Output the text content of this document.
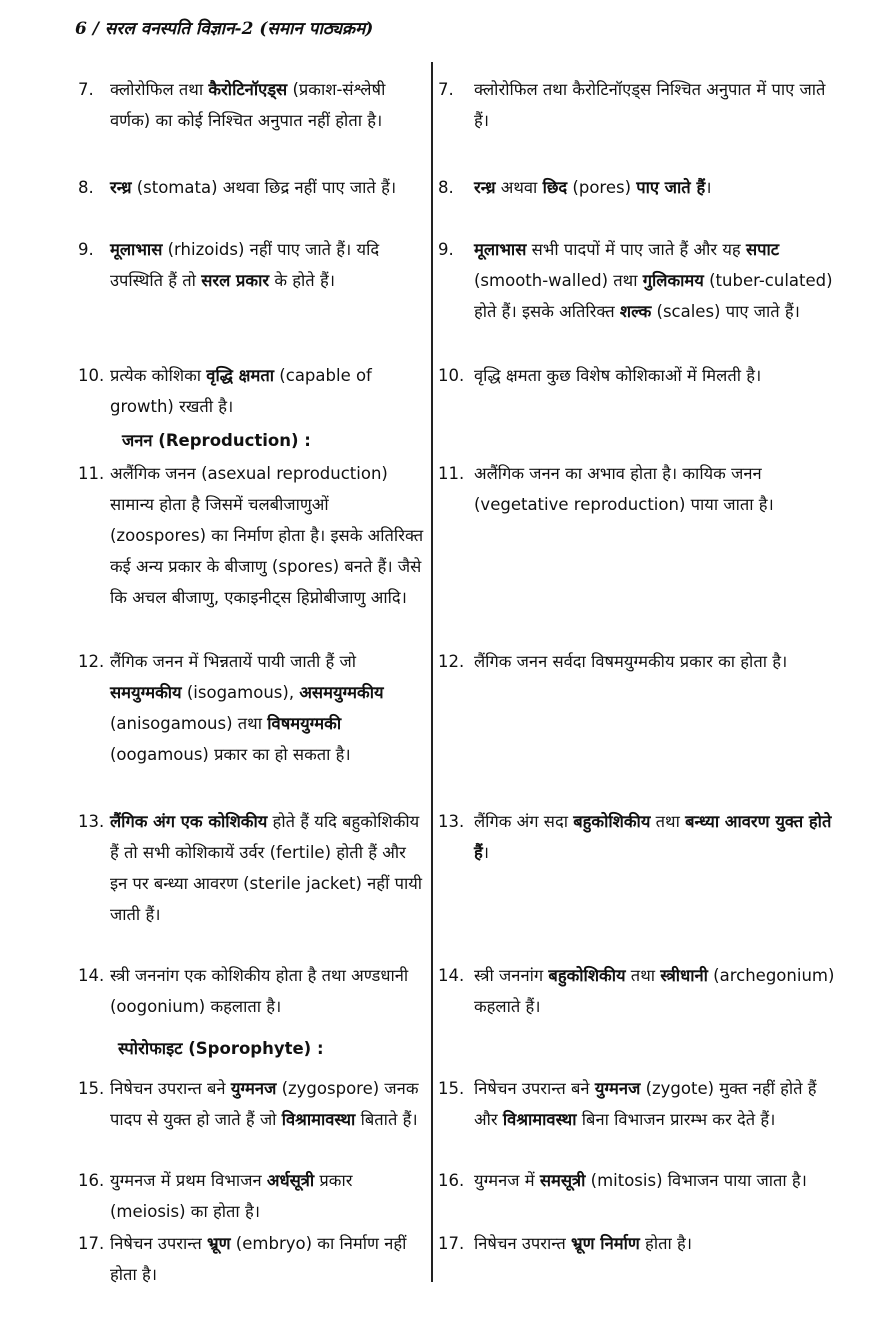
6 / सरल वनस्पति विज्ञान-2 (समान पाठ्यक्रम)
जनन (Reproduction) :
स्पोरोफाइट (Sporophyte) :
7. क्लोरोफिल तथा कैरोटिनॉएड्स (प्रकाश-संश्लेषी वर्णक) का कोई निश्चित अनुपात नहीं होता है।
7. क्लोरोफिल तथा कैरोटिनॉएड्स निश्चित अनुपात में पाए जाते हैं।
8. रन्ध्र (stomata) अथवा छिद्र नहीं पाए जाते हैं।	8. रन्ध्र अथवा छिद (pores) पाए जाते हैं।
9. मूलाभास (rhizoids) नहीं पाए जाते हैं। यदि उपस्थिति हैं तो सरल प्रकार के होते हैं।
9. मूलाभास सभी पादपों में पाए जाते हैं और यह सपाट (smooth-walled) तथा गुलिकामय (tuber-culated) होते हैं। इसके अतिरिक्त शल्क (scales) पाए जाते हैं।
10. प्रत्येक कोशिका वृद्धि क्षमता (capable of growth) रखती है।
10. वृद्धि क्षमता कुछ विशेष कोशिकाओं में मिलती है।
11. अलैंगिक जनन (asexual reproduction) सामान्य होता है जिसमें चलबीजाणुओं (zoospores) का निर्माण होता है। इसके अतिरिक्त कई अन्य प्रकार के बीजाणु (spores) बनते हैं। जैसे कि अचल बीजाणु, एकाइनीट्स हिप्नोबीजाणु आदि।
11. अलैंगिक जनन का अभाव होता है। कायिक जनन (vegetative reproduction) पाया जाता है।
12. लैंगिक जनन में भिन्नतायें पायी जाती हैं जो समयुग्मकीय (isogamous), असमयुग्मकीय (anisogamous) तथा विषमयुग्मकी (oogamous) प्रकार का हो सकता है।
12. लैंगिक जनन सर्वदा विषमयुग्मकीय प्रकार का होता है।
13. लैंगिक अंग एक कोशिकीय होते हैं यदि बहुकोशिकीय हैं तो सभी कोशिकायें उर्वर (fertile) होती हैं और इन पर बन्ध्या आवरण (sterile jacket) नहीं पायी जाती हैं।
13. लैंगिक अंग सदा बहुकोशिकीय तथा बन्ध्या आवरण युक्त होते हैं।
14. स्त्री जननांग एक कोशिकीय होता है तथा अण्डधानी (oogonium) कहलाता है।
14. स्त्री जननांग बहुकोशिकीय तथा स्त्रीधानी (archegonium) कहलाते हैं।
15. निषेचन उपरान्त बने युग्मनज (zygospore) जनक पादप से युक्त हो जाते हैं जो विश्रामावस्था बिताते हैं।
15. निषेचन उपरान्त बने युग्मनज (zygote) मुक्त नहीं होते हैं और विश्रामावस्था बिना विभाजन प्रारम्भ कर देते हैं।
16. युग्मनज में प्रथम विभाजन अर्धसूत्री प्रकार (meiosis) का होता है।
16. युग्मनज में समसूत्री (mitosis) विभाजन पाया जाता है।
17. निषेचन उपरान्त भ्रूण (embryo) का निर्माण नहीं होता है।
17. निषेचन उपरान्त भ्रूण निर्माण होता है।
